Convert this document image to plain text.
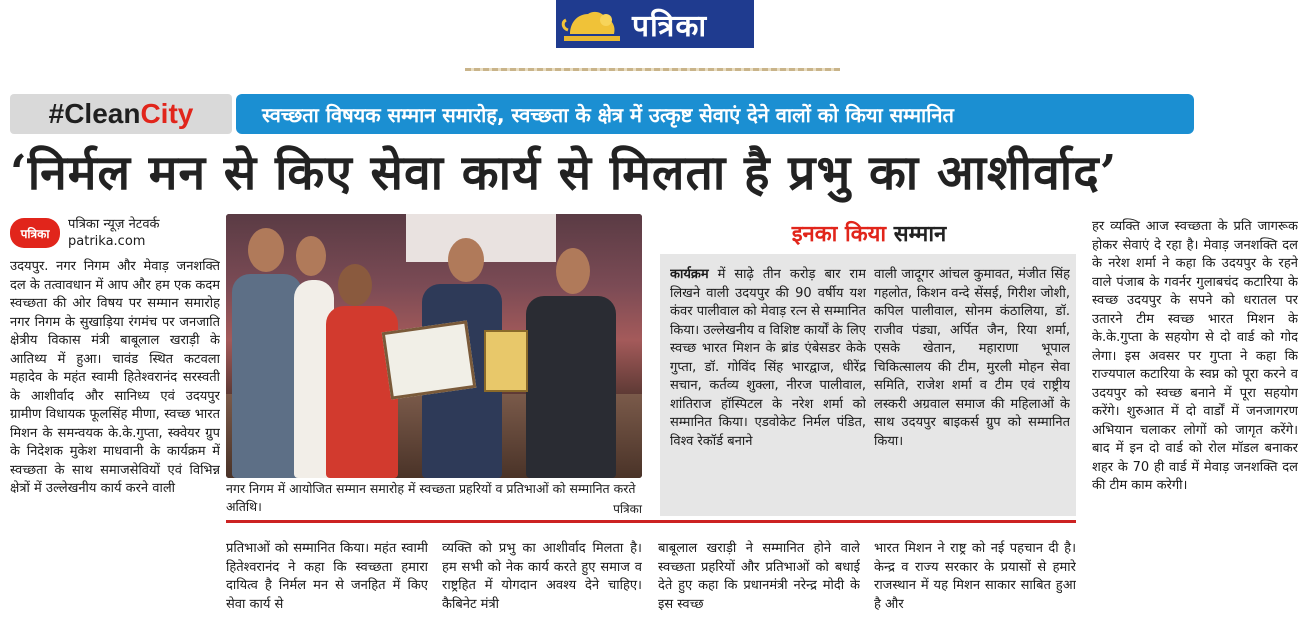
पत्रिका
#Clean City	स्वच्छता विषयक सम्मान समारोह, स्वच्छता के क्षेत्र में उत्कृष्ट सेवाएं देने वालों को किया सम्मानित
‘निर्मल मन से किए सेवा कार्य से मिलता है प्रभु का आशीर्वाद’
पत्रिका
पत्रिका न्यूज़ नेटवर्क
patrika.com

उदयपुर. नगर निगम और मेवाड़ जनशक्ति दल के तत्वावधान में आप और हम एक कदम स्वच्छता की ओर विषय पर सम्मान समारोह नगर निगम के सुखाड़िया रंगमंच पर जनजाति क्षेत्रीय विकास मंत्री बाबूलाल खराड़ी के आतिथ्य में हुआ। चावंड स्थित कटवला महादेव के महंत स्वामी हितेश्वरानंद सरस्वती के आशीर्वाद और सानिध्य एवं उदयपुर ग्रामीण विधायक फूलसिंह मीणा, स्वच्छ भारत मिशन के समन्वयक के.के.गुप्ता, स्क्वेयर ग्रुप के निदेशक मुकेश माधवानी के कार्यक्रम में स्वच्छता के साथ समाजसेवियों एवं विभिन्न क्षेत्रों में उल्लेखनीय कार्य करने वाली	नगर निगम में आयोजित सम्मान समारोह में स्वच्छता प्रहरियों व प्रतिभाओं को सम्मानित करते अतिथि।	पत्रिका
इनका किया सम्मान
कार्यक्रम में साढ़े तीन करोड़ बार राम लिखने वाली उदयपुर की 90 वर्षीय यश कंवर पालीवाल को मेवाड़ रत्न से सम्मानित किया। उल्लेखनीय व विशिष्ट कार्यों के लिए स्वच्छ भारत मिशन के ब्रांड एंबेसडर केके गुप्ता, डॉ. गोविंद सिंह भारद्वाज, धीरेंद्र सचान, कर्तव्य शुक्ला, नीरज पालीवाल, शांतिराज हॉस्पिटल के नरेश शर्मा को सम्मानित किया। एडवोकेट निर्मल पंडित, विश्व रेकॉर्ड बनाने
वाली जादूगर आंचल कुमावत, मंजीत सिंह गहलोत, किशन वन्दे सेंसई, गिरीश जोशी, कपिल पालीवाल, सोनम कंठालिया, डॉ. राजीव पंड्या, अर्पित जैन, रिया शर्मा, एसके खेतान, महाराणा भूपाल चिकित्सालय की टीम, मुरली मोहन सेवा समिति, राजेश शर्मा व टीम एवं राष्ट्रीय लस्करी अग्रवाल समाज की महिलाओं के साथ उदयपुर बाइकर्स ग्रुप को सम्मानित किया।

प्रतिभाओं को सम्मानित किया। महंत स्वामी हितेश्वरानंद ने कहा कि स्वच्छता हमारा दायित्व है निर्मल मन से जनहित में किए सेवा कार्य से

व्यक्ति को प्रभु का आशीर्वाद मिलता है। हम सभी को नेक कार्य करते हुए समाज व राष्ट्रहित में योगदान अवश्य देने चाहिए। कैबिनेट मंत्री

बाबूलाल खराड़ी ने सम्मानित होने वाले स्वच्छता प्रहरियों और प्रतिभाओं को बधाई देते हुए कहा कि प्रधानमंत्री नरेन्द्र मोदी के इस स्वच्छ

भारत मिशन ने राष्ट्र को नई पहचान दी है। केन्द्र व राज्य सरकार के प्रयासों से हमारे राजस्थान में यह मिशन साकार साबित हुआ है और

हर व्यक्ति आज स्वच्छता के प्रति जागरूक होकर सेवाएं दे रहा है। मेवाड़ जनशक्ति दल के नरेश शर्मा ने कहा कि उदयपुर के रहने वाले पंजाब के गवर्नर गुलाबचंद कटारिया के स्वच्छ उदयपुर के सपने को धरातल पर उतारने टीम स्वच्छ भारत मिशन के के.के.गुप्ता के सहयोग से दो वार्ड को गोद लेगा। इस अवसर पर गुप्ता ने कहा कि राज्यपाल कटारिया के स्वप्न को पूरा करने व उदयपुर को स्वच्छ बनाने में पूरा सहयोग करेंगे। शुरुआत में दो वार्डों में जनजागरण अभियान चलाकर लोगों को जागृत करेंगे। बाद में इन दो वार्ड को रोल मॉडल बनाकर शहर के 70 ही वार्ड में मेवाड़ जनशक्ति दल की टीम काम करेगी।
